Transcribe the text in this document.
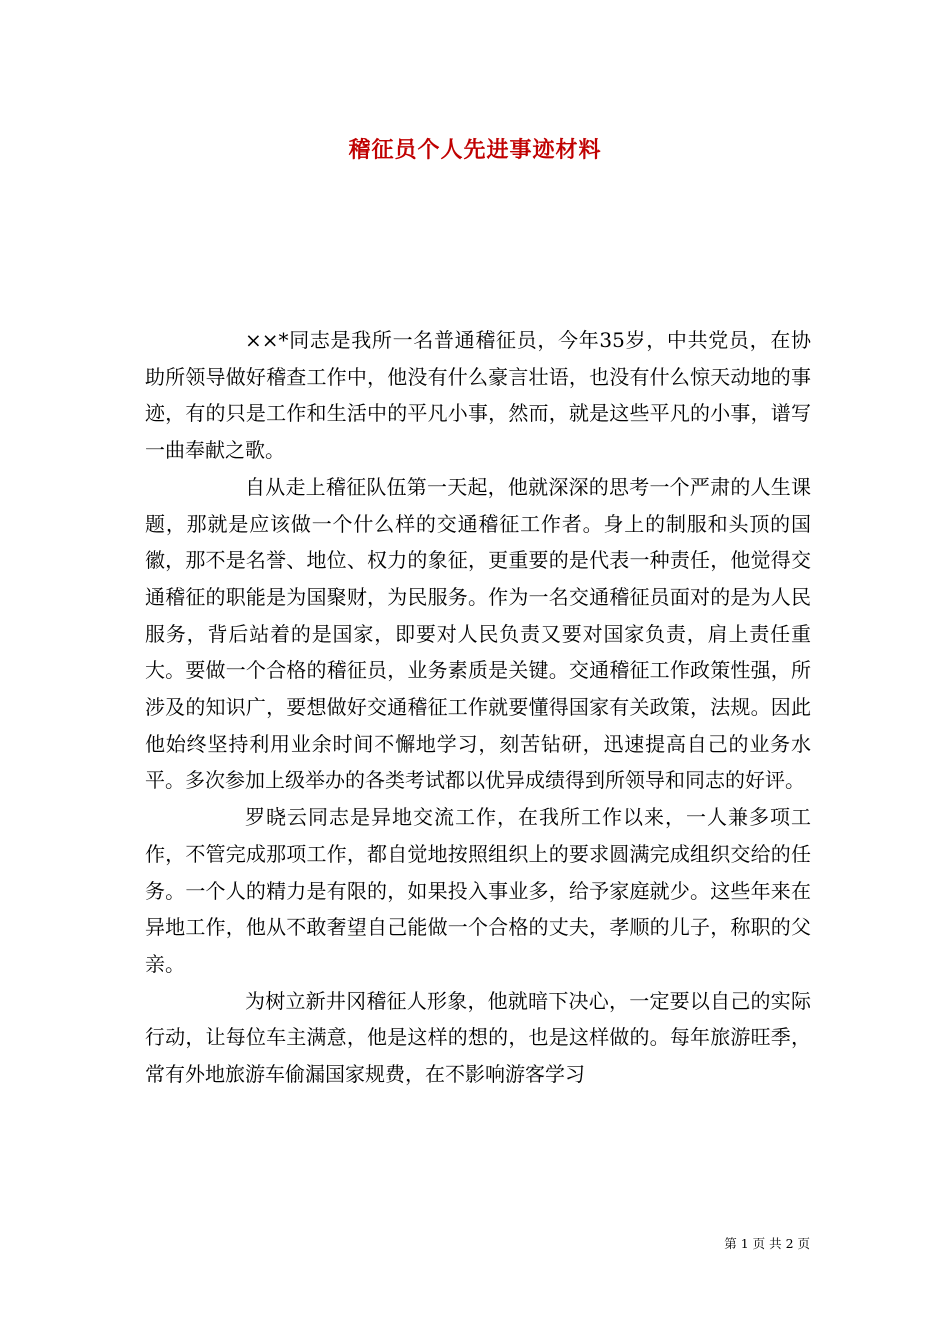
稽征员个人先进事迹材料

××*同志是我所一名普通稽征员，今年35岁，中共党员，在协助所领导做好稽查工作中，他没有什么豪言壮语，也没有什么惊天动地的事迹，有的只是工作和生活中的平凡小事，然而，就是这些平凡的小事，谱写一曲奉献之歌。

自从走上稽征队伍第一天起，他就深深的思考一个严肃的人生课题，那就是应该做一个什么样的交通稽征工作者。身上的制服和头顶的国徽，那不是名誉、地位、权力的象征，更重要的是代表一种责任，他觉得交通稽征的职能是为国聚财，为民服务。作为一名交通稽征员面对的是为人民服务，背后站着的是国家，即要对人民负责又要对国家负责，肩上责任重大。要做一个合格的稽征员，业务素质是关键。交通稽征工作政策性强，所涉及的知识广，要想做好交通稽征工作就要懂得国家有关政策，法规。因此他始终坚持利用业余时间不懈地学习，刻苦钻研，迅速提高自己的业务水平。多次参加上级举办的各类考试都以优异成绩得到所领导和同志的好评。

罗晓云同志是异地交流工作，在我所工作以来，一人兼多项工作，不管完成那项工作，都自觉地按照组织上的要求圆满完成组织交给的任务。一个人的精力是有限的，如果投入事业多，给予家庭就少。这些年来在异地工作，他从不敢奢望自己能做一个合格的丈夫，孝顺的儿子，称职的父亲。

为树立新井冈稽征人形象，他就暗下决心，一定要以自己的实际行动，让每位车主满意，他是这样的想的，也是这样做的。每年旅游旺季，常有外地旅游车偷漏国家规费，在不影响游客学习

第 1 页 共 2 页
